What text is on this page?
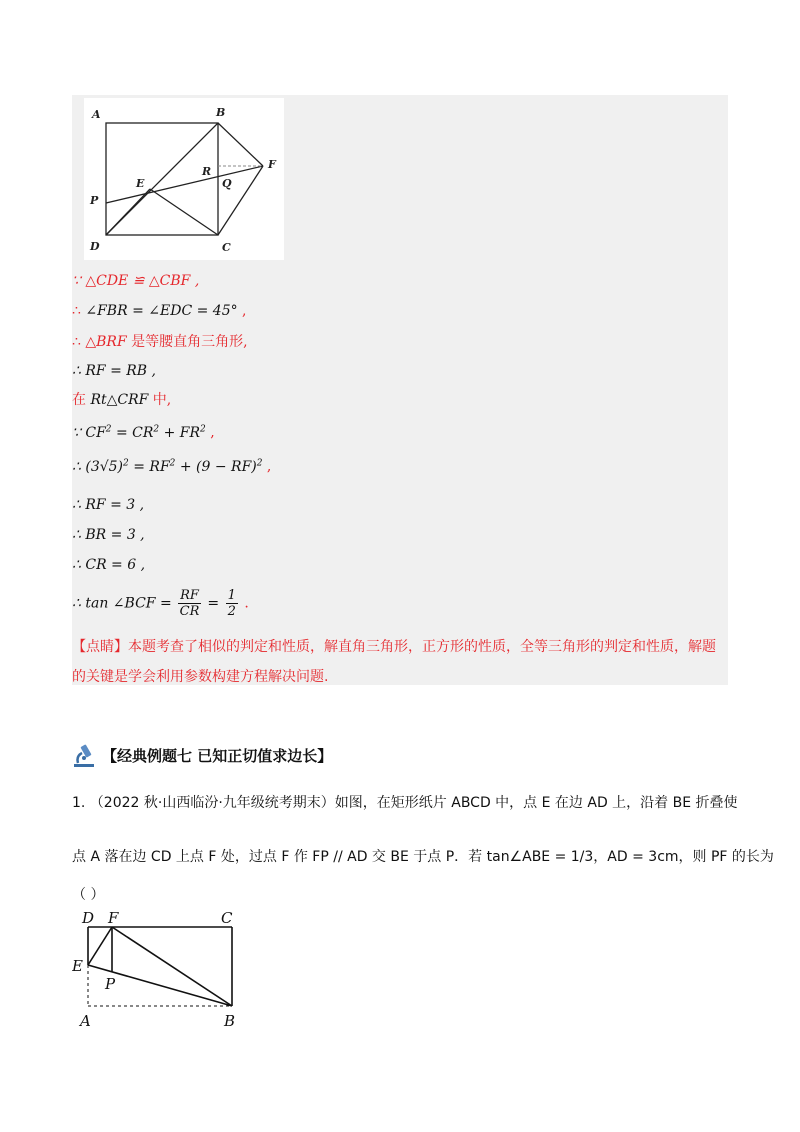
A	B
R
F
E	Q
P
D	C
∵ △CDE ≌ △CBF ,
∴ ∠FBR = ∠EDC = 45° ,
∴ △BRF 是等腰直角三角形,
∴ RF = RB ,
在 Rt△CRF 中,
∵ $CF^2 = CR^2 + FR^2$ ,
∴ $(3√5)^2 = RF^2 + (9 - RF)^2$ ,
∴ RF = 3 ,
∴ BR = 3 ,
∴ CR = 6 ,
∴ tan ∠BCF = $\frac{RF}{CR} = \frac{1}{2}$ .
【点睛】本题考查了相似的判定和性质，解直角三角形，正方形的性质，全等三角形的判定和性质，解题的关键是学会利用参数构建方程解决问题.
【经典例题七 已知正切值求边长】
1. （2022 秋·山西临汾·九年级统考期末）如图，在矩形纸片 ABCD 中，点 E 在边 AD 上，沿着 BE 折叠使
点 A 落在边 CD 上点 F 处，过点 F 作 FP // AD 交 BE 于点 P．若 tan∠ABE = 1/3，AD = 3cm，则 PF 的长为
（ ）
D F	C
E
P
A	B
